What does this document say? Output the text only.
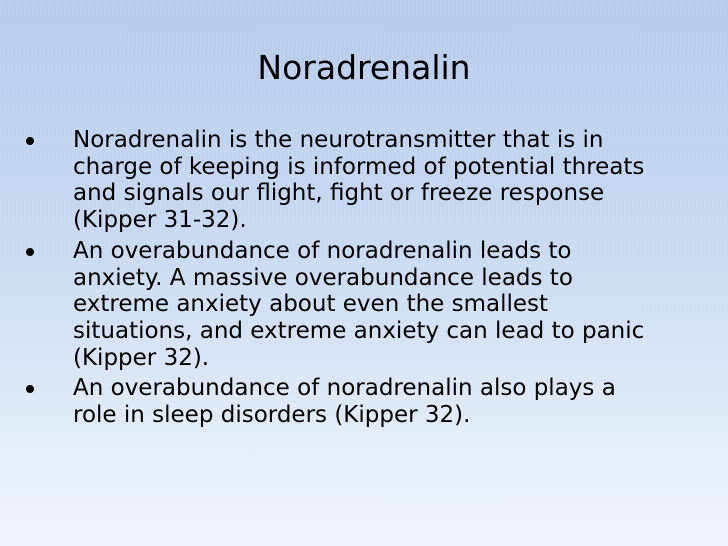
Noradrenalin
Noradrenalin is the neurotransmitter that is in
charge of keeping is informed of potential threats
and signals our flight, fight or freeze response
(Kipper 31-32).
An overabundance of noradrenalin leads to
anxiety. A massive overabundance leads to
extreme anxiety about even the smallest
situations, and extreme anxiety can lead to panic
(Kipper 32).
An overabundance of noradrenalin also plays a
role in sleep disorders (Kipper 32).
